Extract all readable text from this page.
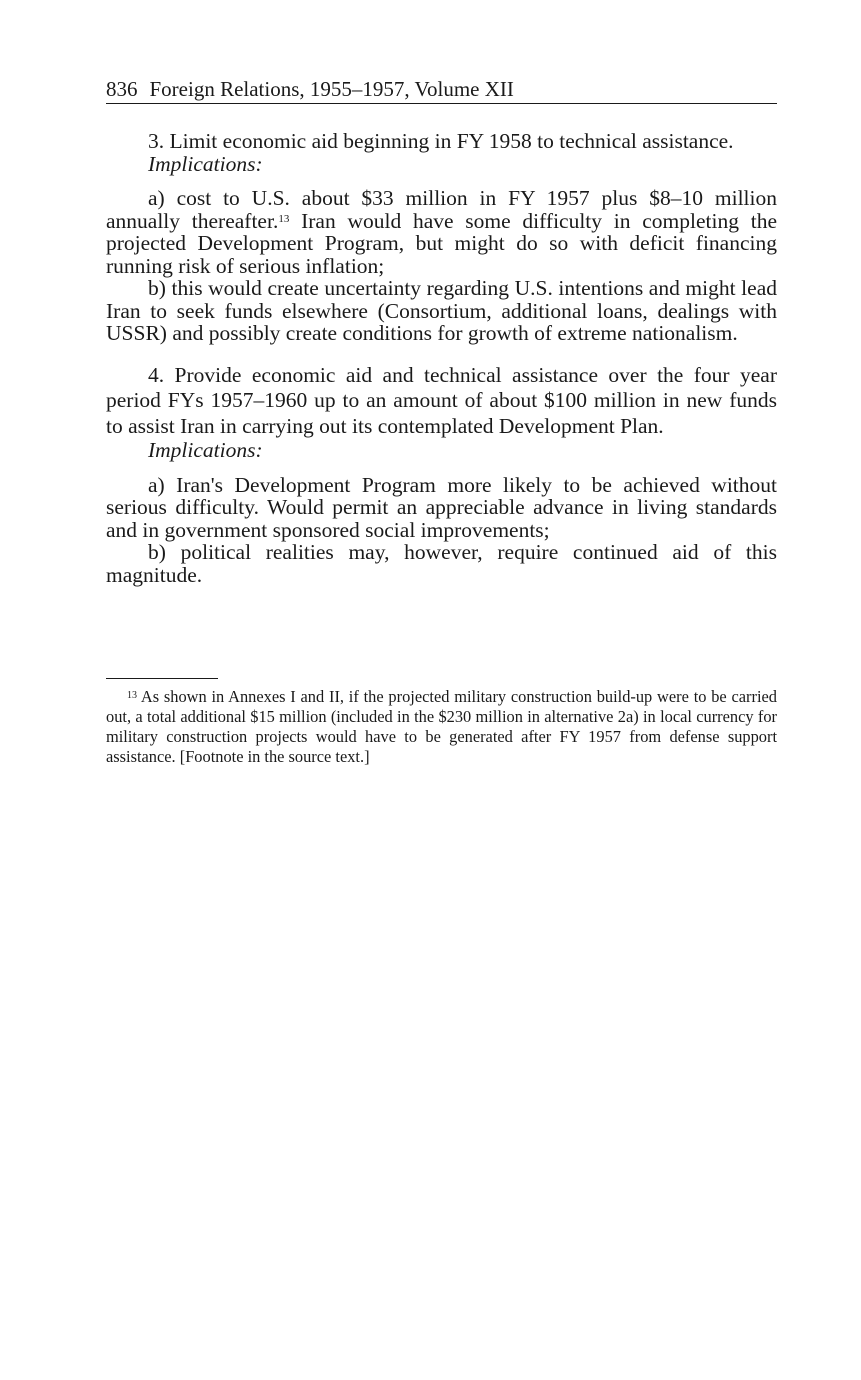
836 Foreign Relations, 1955–1957, Volume XII

3. Limit economic aid beginning in FY 1958 to technical assistance.

Implications:

a) cost to U.S. about $33 million in FY 1957 plus $8–10 million annually thereafter.$^{13}$ Iran would have some difficulty in completing the projected Development Program, but might do so with deficit financing running risk of serious inflation;

b) this would create uncertainty regarding U.S. intentions and might lead Iran to seek funds elsewhere (Consortium, additional loans, dealings with USSR) and possibly create conditions for growth of extreme nationalism.

4. Provide economic aid and technical assistance over the four year period FYs 1957–1960 up to an amount of about $100 million in new funds to assist Iran in carrying out its contemplated Development Plan.

Implications:

a) Iran's Development Program more likely to be achieved without serious difficulty. Would permit an appreciable advance in living standards and in government sponsored social improvements;

b) political realities may, however, require continued aid of this magnitude.

$^{13}$ As shown in Annexes I and II, if the projected military construction build-up were to be carried out, a total additional $15 million (included in the $230 million in alternative 2a) in local currency for military construction projects would have to be generated after FY 1957 from defense support assistance. [Footnote in the source text.]
